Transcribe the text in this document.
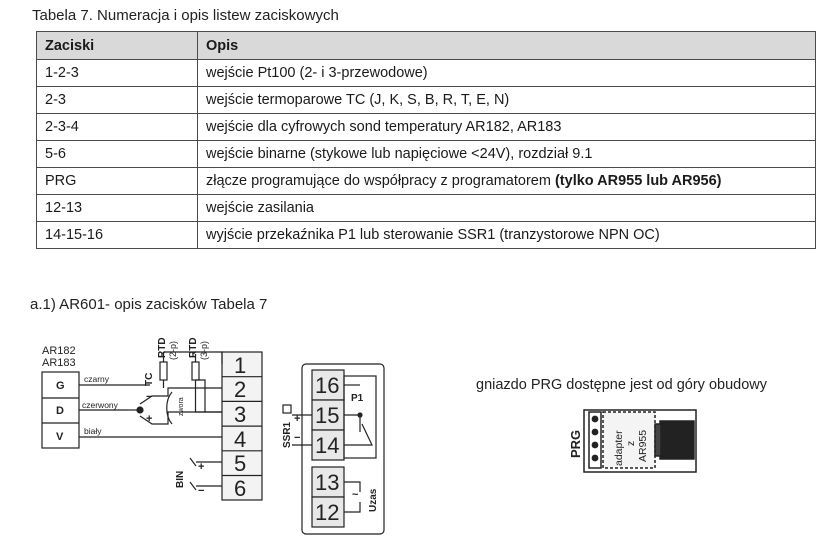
Tabela 7. Numeracja i opis listew zaciskowych
Zaciski	Opis
1-2-3	wejście Pt100 (2- i 3-przewodowe)
2-3	wejście termoparowe TC (J, K, S, B, R, T, E, N)
2-3-4	wejście dla cyfrowych sond temperatury AR182, AR183
5-6	wejście binarne (stykowe lub napięciowe <24V), rozdział 9.1
PRG	złącze programujące do współpracy z programatorem (tylko AR955 lub AR956)
12-13	wejście zasilania
14-15-16	wyjście przekaźnika P1 lub sterowanie SSR1 (tranzystorowe NPN OC)
a.1) AR601- opis zacisków Tabela 7
AR182
AR183
G
D
V
czarny
czerwony
biały
TC
RTD (2-p) RTD (3-p)
zwora
−
+
BIN
+
−
1
2
3
4
5
6
16
15
14
13
12
P1
SSR1
Uzas
+
−
~
gniazdo PRG dostępne jest od góry obudowy
PRG	adapter z AR955
